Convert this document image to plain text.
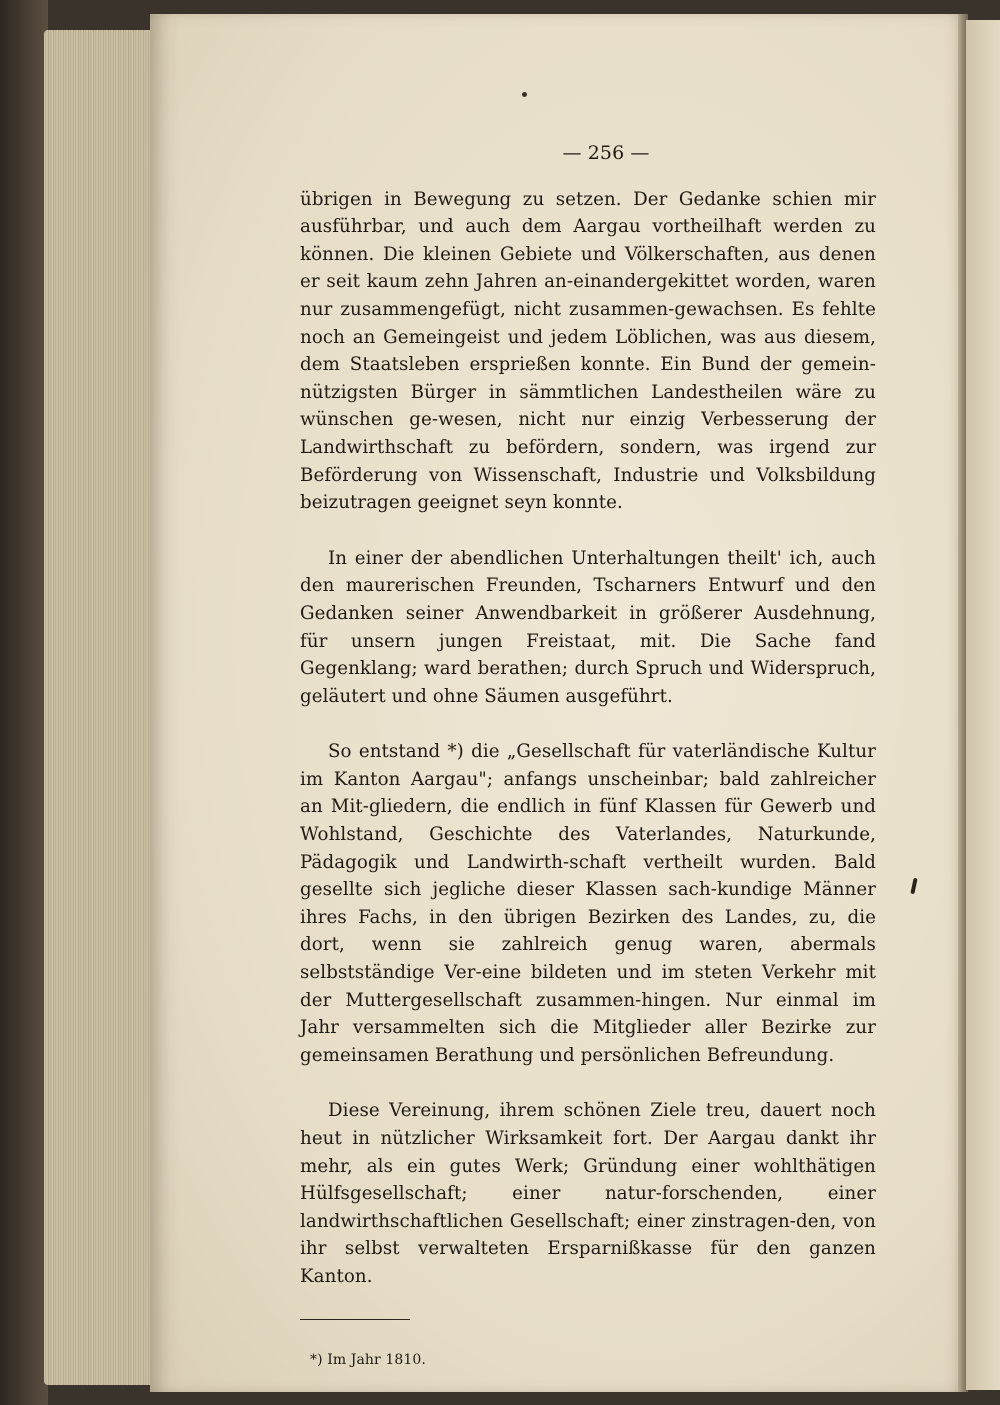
— 256 —

übrigen in Bewegung zu setzen. Der Gedanke schien mir ausführbar, und auch dem Aargau vortheilhaft werden zu können. Die kleinen Gebiete und Völkerschaften, aus denen er seit kaum zehn Jahren an-einandergekittet worden, waren nur zusammengefügt, nicht zusammen-gewachsen. Es fehlte noch an Gemeingeist und jedem Löblichen, was aus diesem, dem Staatsleben ersprießen konnte. Ein Bund der gemein-nützigsten Bürger in sämmtlichen Landestheilen wäre zu wünschen ge-wesen, nicht nur einzig Verbesserung der Landwirthschaft zu befördern, sondern, was irgend zur Beförderung von Wissenschaft, Industrie und Volksbildung beizutragen geeignet seyn konnte.

In einer der abendlichen Unterhaltungen theilt' ich, auch den maurerischen Freunden, Tscharners Entwurf und den Gedanken seiner Anwendbarkeit in größerer Ausdehnung, für unsern jungen Freistaat, mit. Die Sache fand Gegenklang; ward berathen; durch Spruch und Widerspruch, geläutert und ohne Säumen ausgeführt.

So entstand *) die „Gesellschaft für vaterländische Kultur im Kanton Aargau"; anfangs unscheinbar; bald zahlreicher an Mit-gliedern, die endlich in fünf Klassen für Gewerb und Wohlstand, Geschichte des Vaterlandes, Naturkunde, Pädagogik und Landwirth-schaft vertheilt wurden. Bald gesellte sich jegliche dieser Klassen sach-kundige Männer ihres Fachs, in den übrigen Bezirken des Landes, zu, die dort, wenn sie zahlreich genug waren, abermals selbstständige Ver-eine bildeten und im steten Verkehr mit der Muttergesellschaft zusammen-hingen. Nur einmal im Jahr versammelten sich die Mitglieder aller Bezirke zur gemeinsamen Berathung und persönlichen Befreundung.

Diese Vereinung, ihrem schönen Ziele treu, dauert noch heut in nützlicher Wirksamkeit fort. Der Aargau dankt ihr mehr, als ein gutes Werk; Gründung einer wohlthätigen Hülfsgesellschaft; einer natur-forschenden, einer landwirthschaftlichen Gesellschaft; einer zinstragen-den, von ihr selbst verwalteten Ersparnißkasse für den ganzen Kanton.

*) Im Jahr 1810.
